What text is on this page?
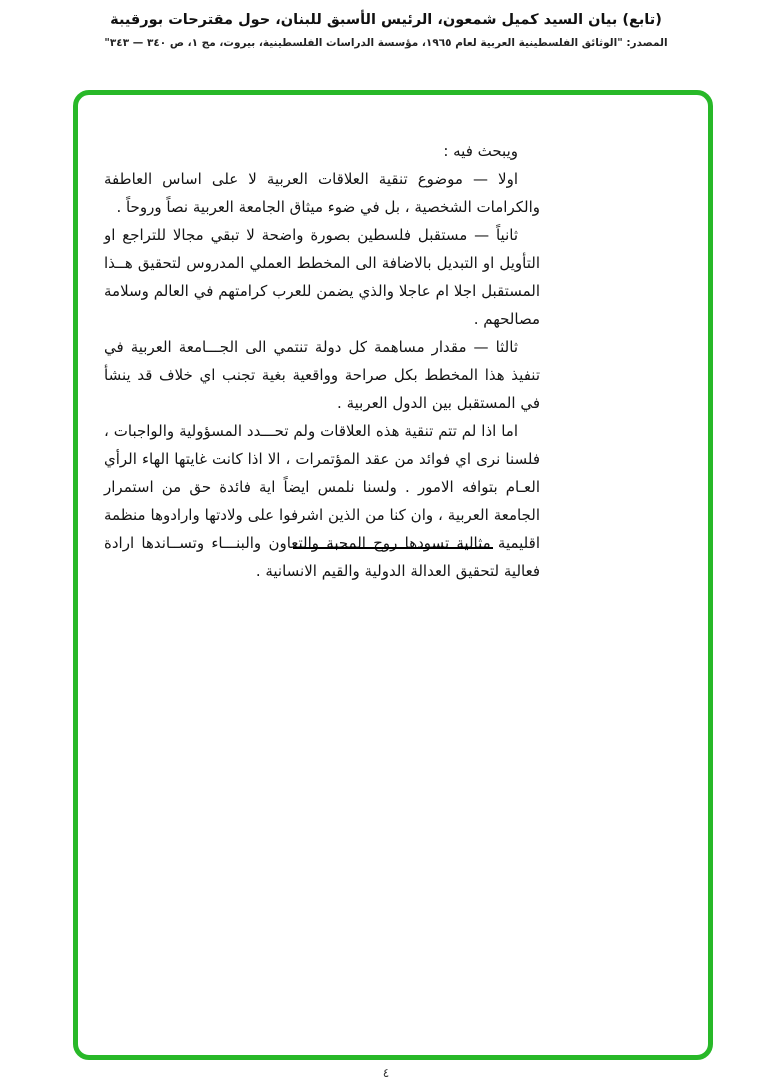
(تابع) بيان السيد كميل شمعون، الرئيس الأسبق للبنان، حول مقترحات بورقيبة
المصدر: "الوثائق الفلسطينية العربية لعام ١٩٦٥، مؤسسة الدراسات الفلسطينية، بيروت، مج ١، ص ٣٤٠ — ٣٤٣"

ويبحث فيه :

اولا — موضوع تنقية العلاقات العربية لا على اساس العاطفة والكرامات الشخصية ، بل في ضوء ميثاق الجامعة العربية نصاً وروحاً .

ثانياً — مستقبل فلسطين بصورة واضحة لا تبقي مجالا للتراجع او التأويل او التبديل بالاضافة الى المخطط العملي المدروس لتحقيق هــذا المستقبل اجلا ام عاجلا والذي يضمن للعرب كرامتهم في العالم وسلامة مصالحهم .

ثالثا — مقدار مساهمة كل دولة تنتمي الى الجـــامعة العربية في تنفيذ هذا المخطط بكل صراحة وواقعية بغية تجنب اي خلاف قد ينشأ في المستقبل بين الدول العربية .

اما اذا لم تتم تنقية هذه العلاقات ولم تحـــدد المسؤولية والواجبات ، فلسنا نرى اي فوائد من عقد المؤتمرات ، الا اذا كانت غايتها الهاء الرأي العـام بتوافه الامور . ولسنا نلمس ايضاً اية فائدة حق من استمرار الجامعة العربية ، وان كنا من الذين اشرفوا على ولادتها وارادوها منظمة اقليمية مثالية تسودها روح المحبة والتعاون والبنـــاء وتســاندها ارادة فعالية لتحقيق العدالة الدولية والقيم الانسانية .

٤
